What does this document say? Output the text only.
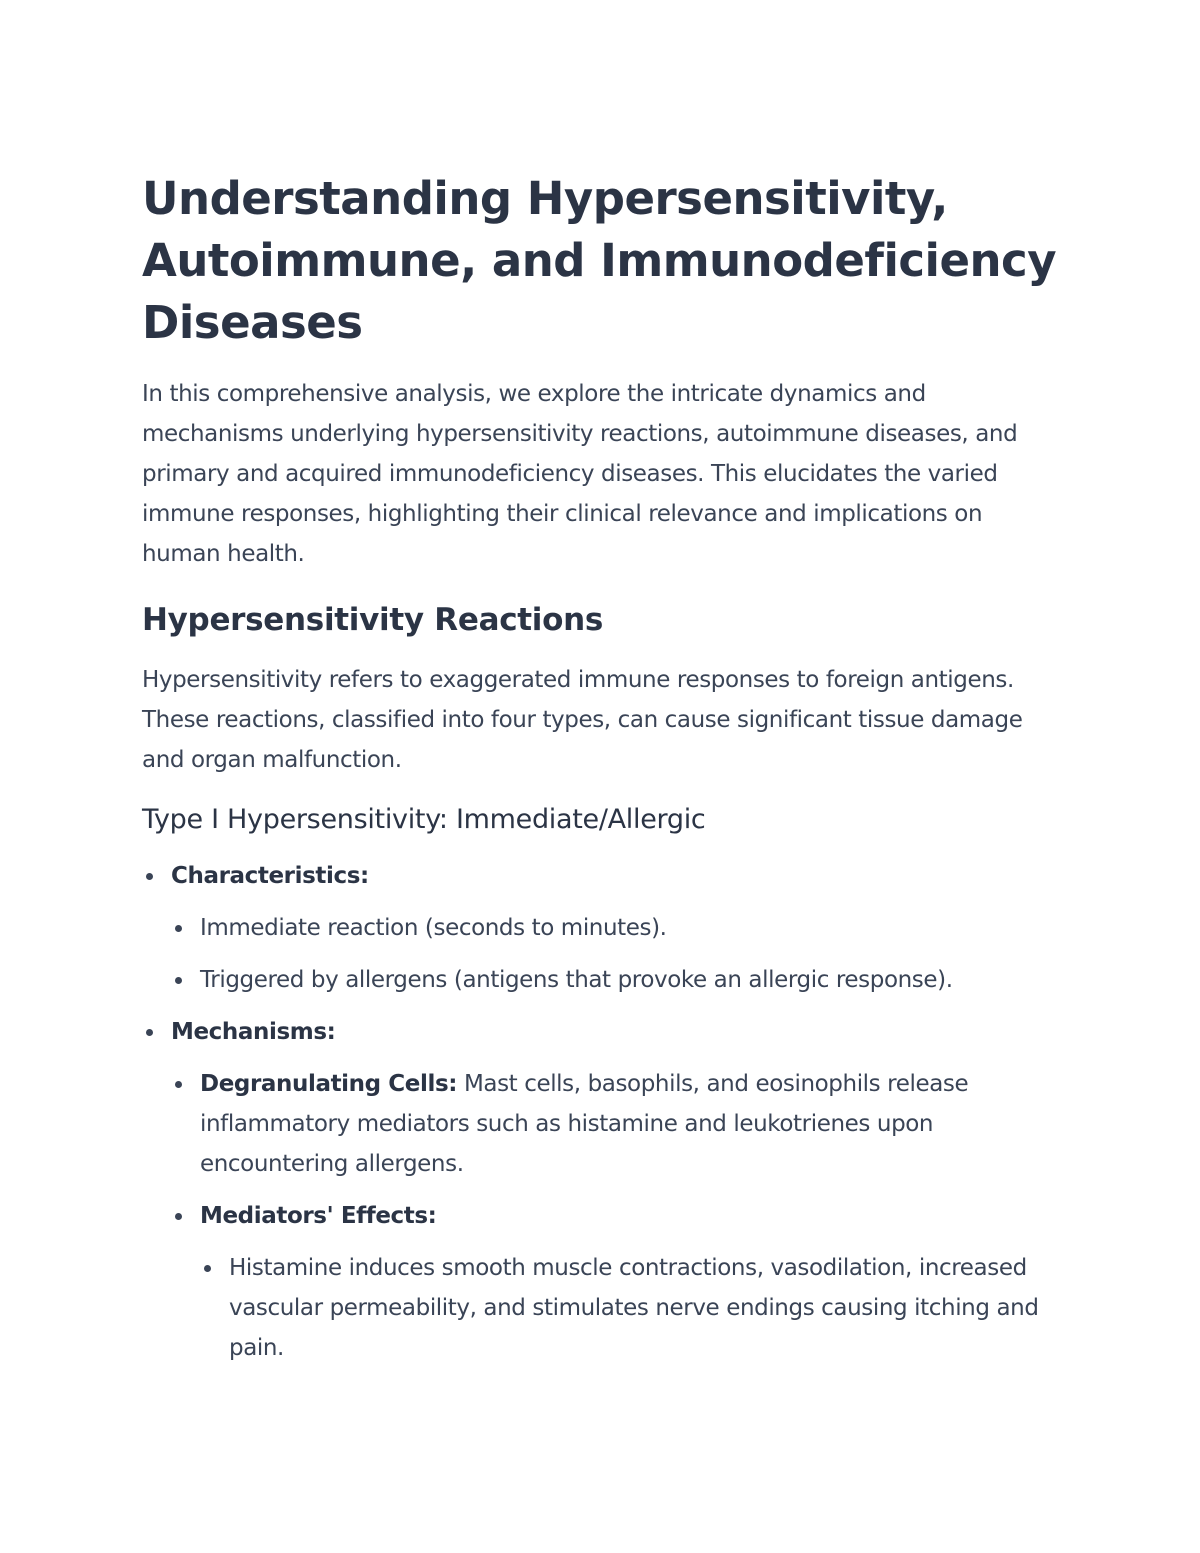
Understanding Hypersensitivity, Autoimmune, and Immunodeficiency Diseases

In this comprehensive analysis, we explore the intricate dynamics and mechanisms underlying hypersensitivity reactions, autoimmune diseases, and primary and acquired immunodeficiency diseases. This elucidates the varied immune responses, highlighting their clinical relevance and implications on human health.

Hypersensitivity Reactions

Hypersensitivity refers to exaggerated immune responses to foreign antigens. These reactions, classified into four types, can cause significant tissue damage and organ malfunction.

Type I Hypersensitivity: Immediate/Allergic
Characteristics:
Immediate reaction (seconds to minutes).
Triggered by allergens (antigens that provoke an allergic response).
Mechanisms:
Degranulating Cells: Mast cells, basophils, and eosinophils release inflammatory mediators such as histamine and leukotrienes upon encountering allergens.
Mediators' Effects:
Histamine induces smooth muscle contractions, vasodilation, increased vascular permeability, and stimulates nerve endings causing itching and pain.
